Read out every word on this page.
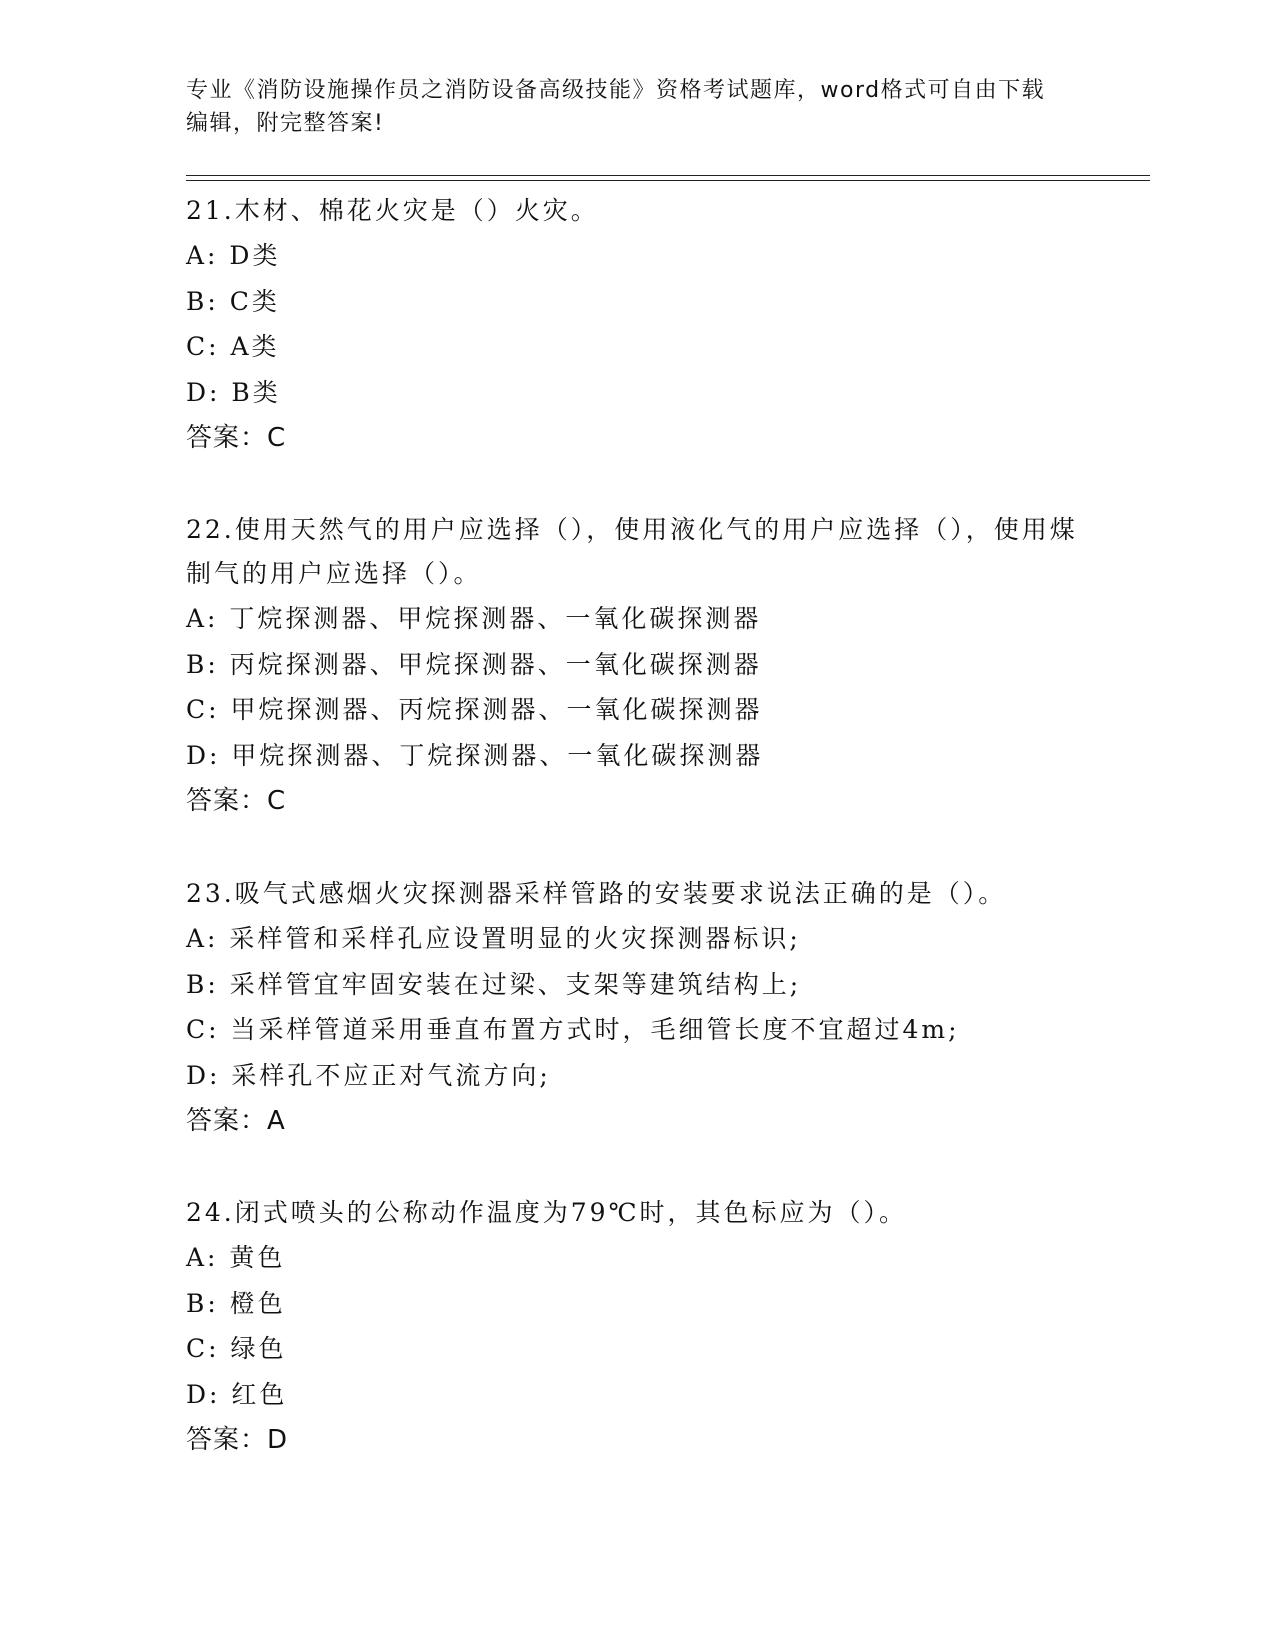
专业《消防设施操作员之消防设备高级技能》资格考试题库，word格式可自由下载编辑，附完整答案!
21.木材、棉花火灾是（）火灾。
A: D类
B: C类
C: A类
D: B类
答案：C
22.使用天然气的用户应选择（），使用液化气的用户应选择（），使用煤制气的用户应选择（）。
A: 丁烷探测器、甲烷探测器、一氧化碳探测器
B: 丙烷探测器、甲烷探测器、一氧化碳探测器
C: 甲烷探测器、丙烷探测器、一氧化碳探测器
D: 甲烷探测器、丁烷探测器、一氧化碳探测器
答案：C
23.吸气式感烟火灾探测器采样管路的安装要求说法正确的是（）。
A: 采样管和采样孔应设置明显的火灾探测器标识;
B: 采样管宜牢固安装在过梁、支架等建筑结构上;
C: 当采样管道采用垂直布置方式时，毛细管长度不宜超过4m;
D: 采样孔不应正对气流方向;
答案：A
24.闭式喷头的公称动作温度为79℃时，其色标应为（）。
A: 黄色
B: 橙色
C: 绿色
D: 红色
答案：D
